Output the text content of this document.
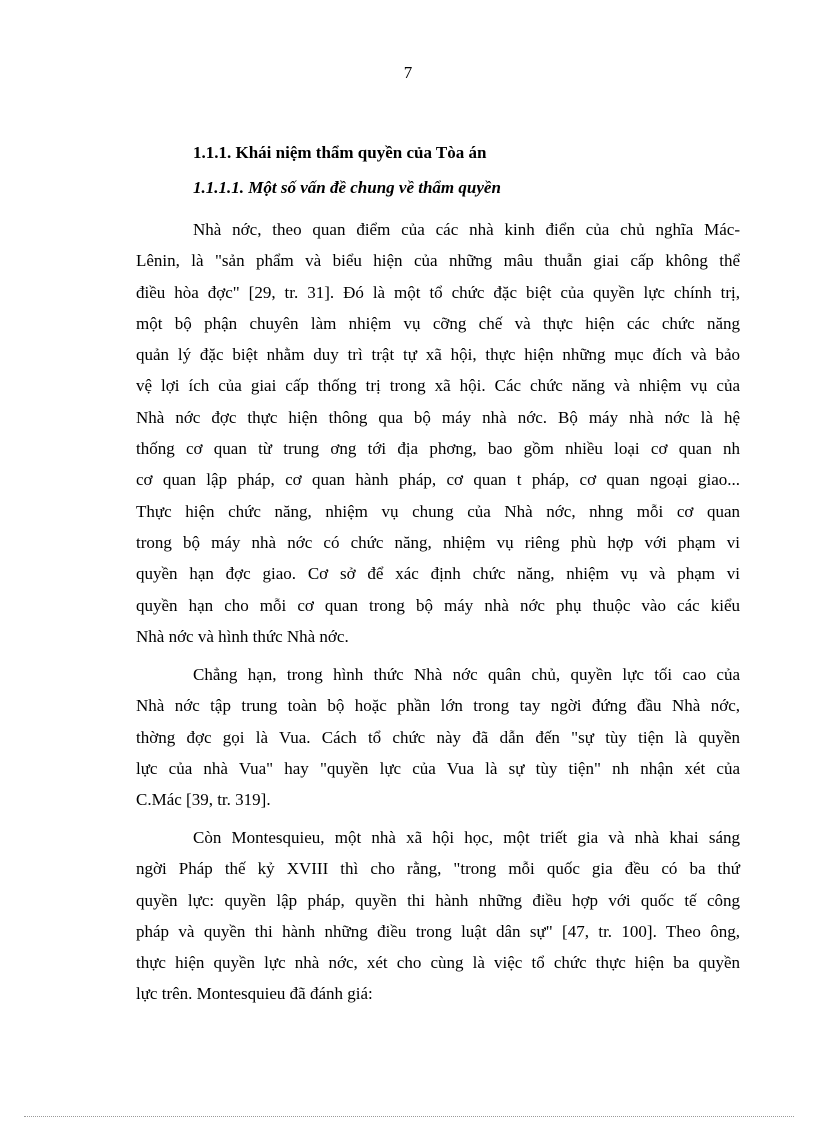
7
1.1.1. Khái niệm thẩm quyền của Tòa án
1.1.1.1. Một số vấn đề chung về thẩm quyền
Nhà nớc, theo quan điểm của các nhà kinh điển của chủ nghĩa Mác-
Lênin, là "sản phẩm và biểu hiện của những mâu thuẫn giai cấp không thể
điều hòa đợc" [29, tr. 31]. Đó là một tổ chức đặc biệt của quyền lực chính trị,
một bộ phận chuyên làm nhiệm vụ cỡng chế và thực hiện các chức năng
quản lý đặc biệt nhằm duy trì trật tự xã hội, thực hiện những mục đích và bảo
vệ lợi ích của giai cấp thống trị trong xã hội. Các chức năng và nhiệm vụ của
Nhà nớc đợc thực hiện thông qua bộ máy nhà nớc. Bộ máy nhà nớc là hệ
thống cơ quan từ trung ơng tới địa phơng, bao gồm nhiều loại cơ quan nh
cơ quan lập pháp, cơ quan hành pháp, cơ quan t pháp, cơ quan ngoại giao...
Thực hiện chức năng, nhiệm vụ chung của Nhà nớc, nhng mỗi cơ quan
trong bộ máy nhà nớc có chức năng, nhiệm vụ riêng phù hợp với phạm vi
quyền hạn đợc giao. Cơ sở để xác định chức năng, nhiệm vụ và phạm vi
quyền hạn cho mỗi cơ quan trong bộ máy nhà nớc phụ thuộc vào các kiểu
Nhà nớc và hình thức Nhà nớc.
Chẳng hạn, trong hình thức Nhà nớc quân chủ, quyền lực tối cao của
Nhà nớc tập trung toàn bộ hoặc phần lớn trong tay ngời đứng đầu Nhà nớc,
thờng đợc gọi là Vua. Cách tổ chức này đã dẫn đến "sự tùy tiện là quyền
lực của nhà Vua" hay "quyền lực của Vua là sự tùy tiện" nh nhận xét của
C.Mác [39, tr. 319].
Còn Montesquieu, một nhà xã hội học, một triết gia và nhà khai sáng
ngời Pháp thế kỷ XVIII thì cho rằng, "trong mỗi quốc gia đều có ba thứ
quyền lực: quyền lập pháp, quyền thi hành những điều hợp với quốc tế công
pháp và quyền thi hành những điều trong luật dân sự" [47, tr. 100]. Theo ông,
thực hiện quyền lực nhà nớc, xét cho cùng là việc tổ chức thực hiện ba quyền
lực trên. Montesquieu đã đánh giá:
